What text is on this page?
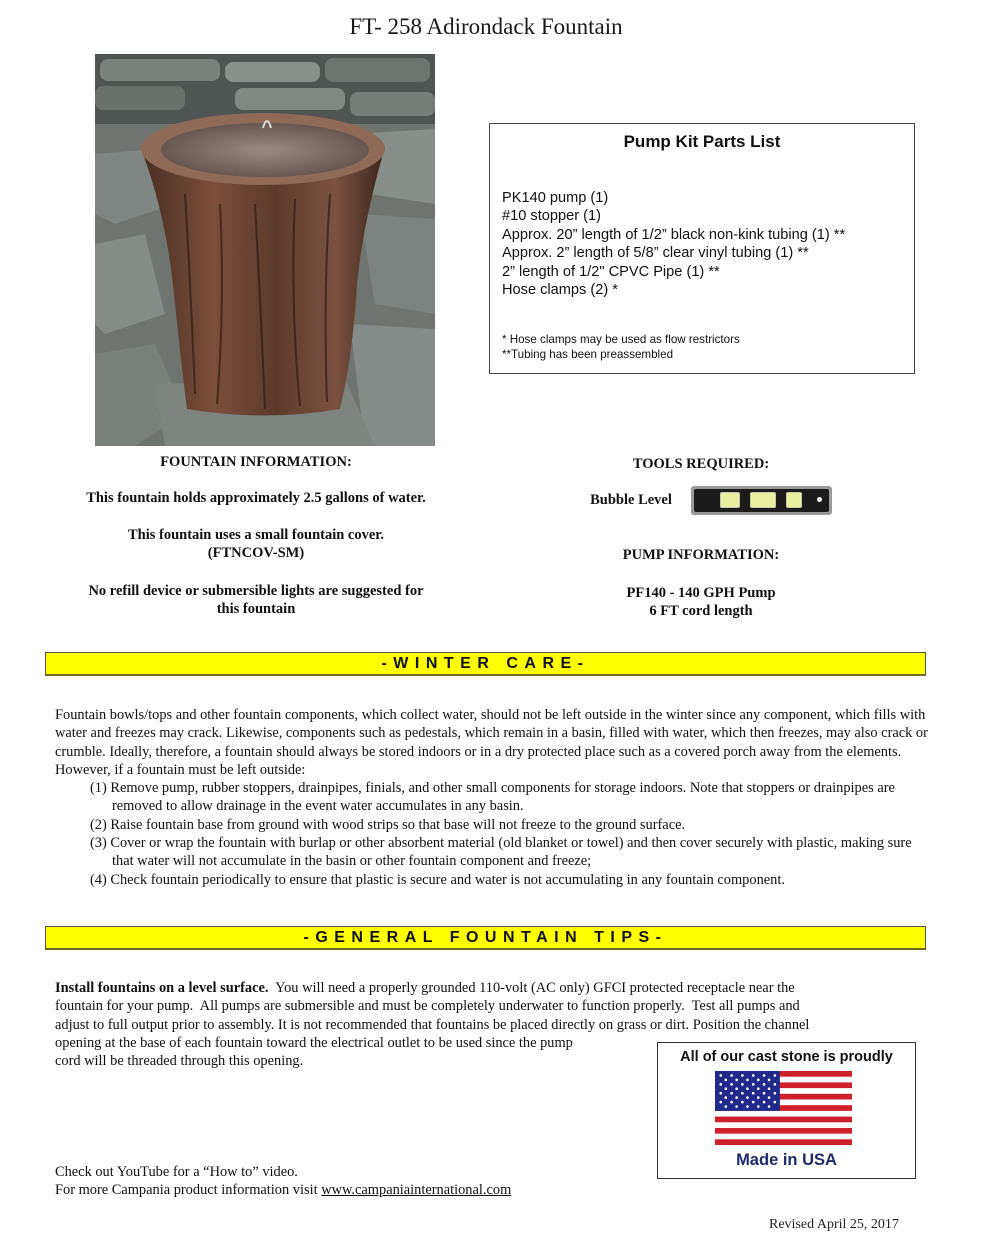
FT- 258 Adirondack Fountain
Pump Kit Parts List
PK140 pump (1)
#10 stopper (1)
Approx. 20” length of 1/2” black non-kink tubing (1) **
Approx. 2” length of 5/8” clear vinyl tubing (1) **
2” length of 1/2" CPVC Pipe (1) **
Hose clamps (2) *
* Hose clamps may be used as flow restrictors
**Tubing has been preassembled
FOUNTAIN INFORMATION:
This fountain holds approximately 2.5 gallons of water.
This fountain uses a small fountain cover.
(FTNCOV-SM)
No refill device or submersible lights are suggested for
this fountain
TOOLS REQUIRED:
Bubble Level
PUMP INFORMATION:
PF140 - 140 GPH Pump
6 FT cord length
-WINTER CARE-

Fountain bowls/tops and other fountain components, which collect water, should not be left outside in the winter since any component, which fills with water and freezes may crack. Likewise, components such as pedestals, which remain in a basin, filled with water, which then freezes, may also crack or crumble. Ideally, therefore, a fountain should always be stored indoors or in a dry protected place such as a covered porch away from the elements. However, if a fountain must be left outside:

(1) Remove pump, rubber stoppers, drainpipes, finials, and other small components for storage indoors. Note that stoppers or drainpipes are removed to allow drainage in the event water accumulates in any basin.

(2) Raise fountain base from ground with wood strips so that base will not freeze to the ground surface.

(3) Cover or wrap the fountain with burlap or other absorbent material (old blanket or towel) and then cover securely with plastic, making sure that water will not accumulate in the basin or other fountain component and freeze;

(4) Check fountain periodically to ensure that plastic is secure and water is not accumulating in any fountain component.

-GENERAL FOUNTAIN TIPS-

Install fountains on a level surface.  You will need a properly grounded 110-volt (AC only) GFCI protected receptacle near the

fountain for your pump.  All pumps are submersible and must be completely underwater to function properly.  Test all pumps and

adjust to full output prior to assembly. It is not recommended that fountains be placed directly on grass or dirt. Position the channel

opening at the base of each fountain toward the electrical outlet to be used since the pump

cord will be threaded through this opening.	All of our cast stone is proudly
Made in USA
Check out YouTube for a “How to” video.
For more Campania product information visit www.campaniainternational.com
Revised April 25, 2017
